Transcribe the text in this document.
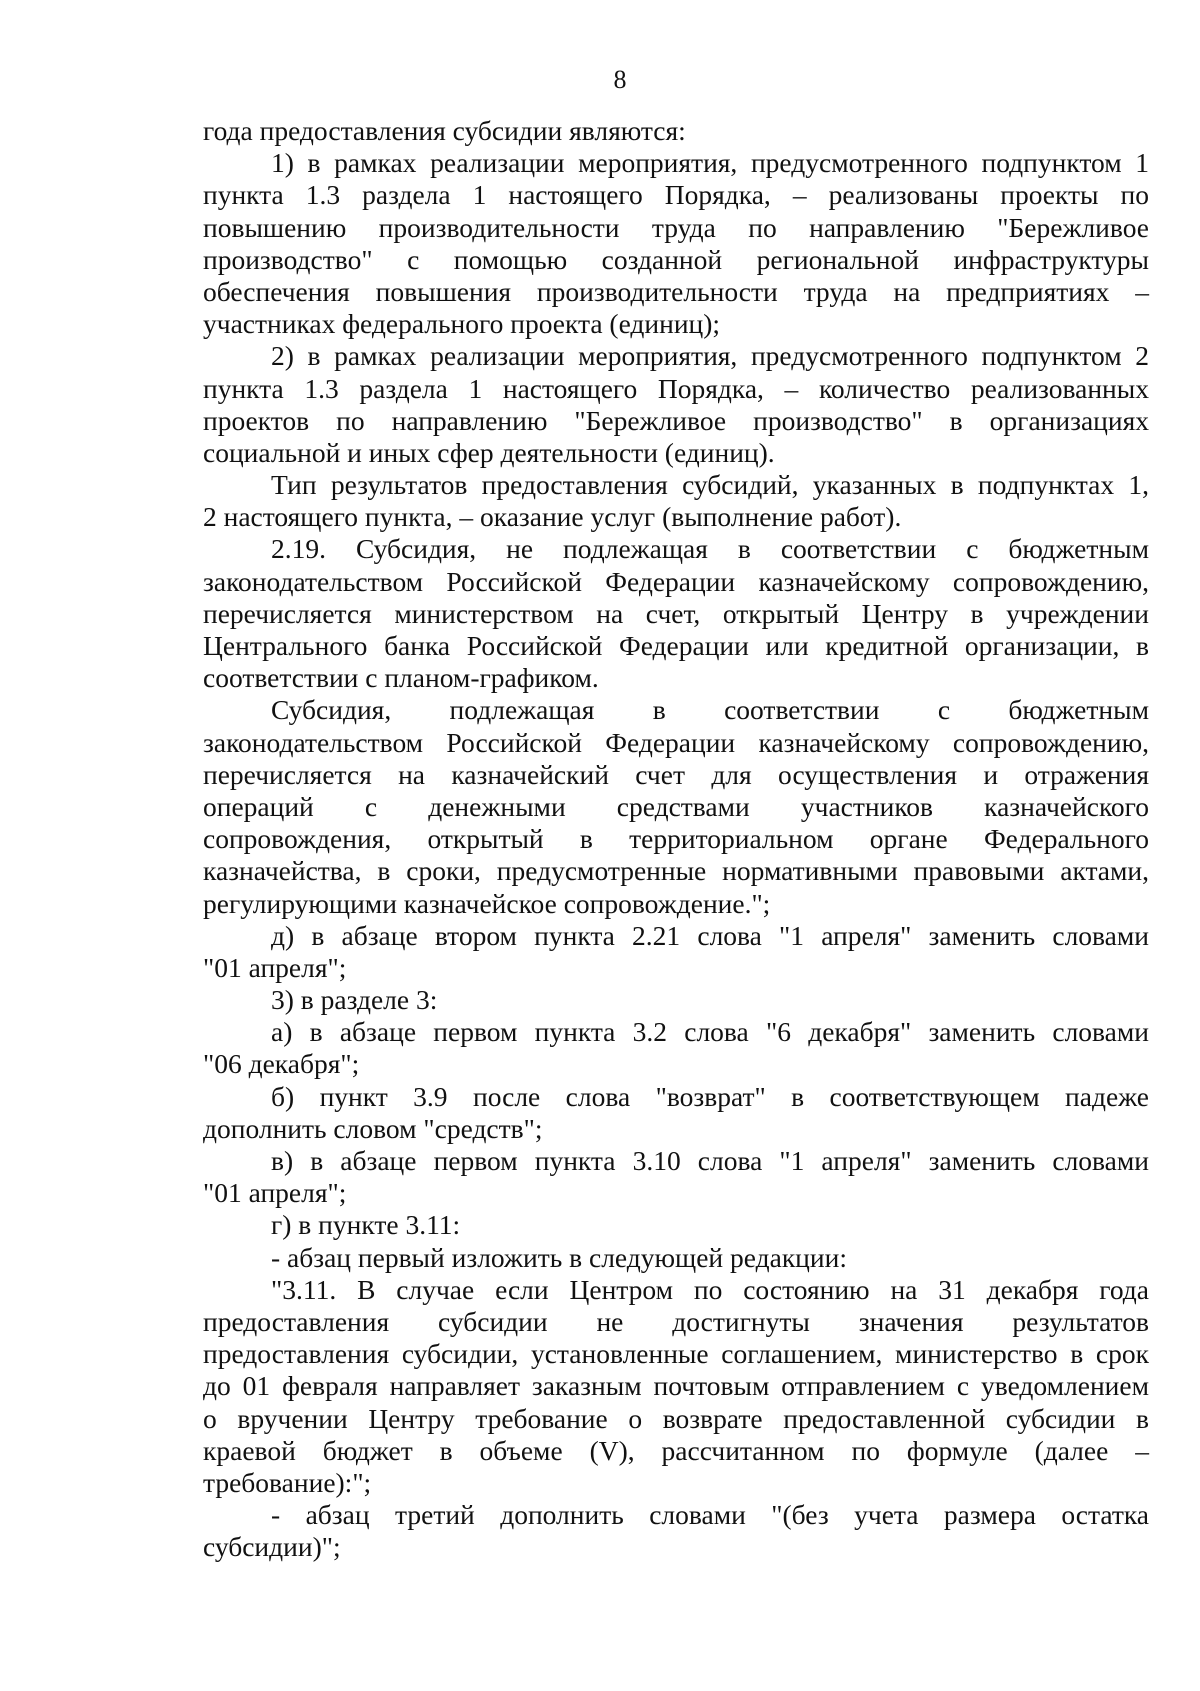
8
года предоставления субсидии являются:
1) в рамках реализации мероприятия, предусмотренного подпунктом 1
пункта 1.3 раздела 1 настоящего Порядка, – реализованы проекты по
повышению производительности труда по направлению "Бережливое
производство" с помощью созданной региональной инфраструктуры
обеспечения повышения производительности труда на предприятиях –
участниках федерального проекта (единиц);
2) в рамках реализации мероприятия, предусмотренного подпунктом 2
пункта 1.3 раздела 1 настоящего Порядка, – количество реализованных
проектов по направлению "Бережливое производство" в организациях
социальной и иных сфер деятельности (единиц).
Тип результатов предоставления субсидий, указанных в подпунктах 1,
2 настоящего пункта, – оказание услуг (выполнение работ).
2.19. Субсидия, не подлежащая в соответствии с бюджетным
законодательством Российской Федерации казначейскому сопровождению,
перечисляется министерством на счет, открытый Центру в учреждении
Центрального банка Российской Федерации или кредитной организации, в
соответствии с планом-графиком.
Субсидия, подлежащая в соответствии с бюджетным
законодательством Российской Федерации казначейскому сопровождению,
перечисляется на казначейский счет для осуществления и отражения
операций с денежными средствами участников казначейского
сопровождения, открытый в территориальном органе Федерального
казначейства, в сроки, предусмотренные нормативными правовыми актами,
регулирующими казначейское сопровождение.";
д) в абзаце втором пункта 2.21 слова "1 апреля" заменить словами
"01 апреля";
3) в разделе 3:
а) в абзаце первом пункта 3.2 слова "6 декабря" заменить словами
"06 декабря";
б) пункт 3.9 после слова "возврат" в соответствующем падеже
дополнить словом "средств";
в) в абзаце первом пункта 3.10 слова "1 апреля" заменить словами
"01 апреля";
г) в пункте 3.11:
- абзац первый изложить в следующей редакции:
"3.11. В случае если Центром по состоянию на 31 декабря года
предоставления субсидии не достигнуты значения результатов
предоставления субсидии, установленные соглашением, министерство в срок
до 01 февраля направляет заказным почтовым отправлением с уведомлением
о вручении Центру требование о возврате предоставленной субсидии в
краевой бюджет в объеме (V), рассчитанном по формуле (далее –
требование):";
- абзац третий дополнить словами "(без учета размера остатка
субсидии)";
